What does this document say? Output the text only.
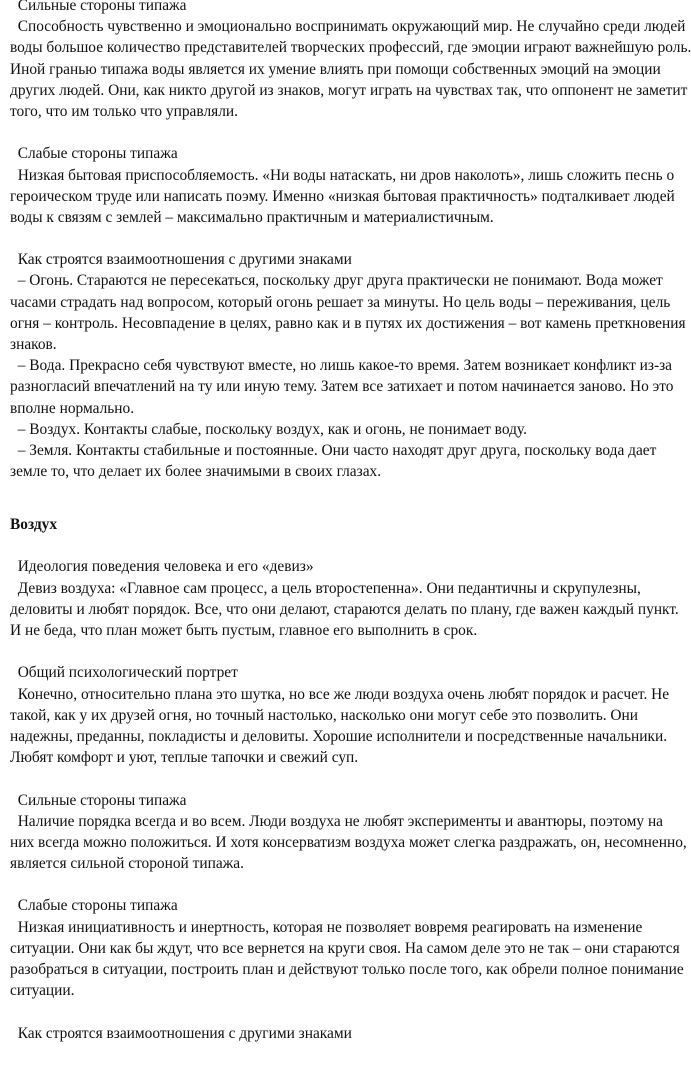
Сильные стороны типажа
Способность чувственно и эмоционально воспринимать окружающий мир. Не случайно среди людей
воды большое количество представителей творческих профессий, где эмоции играют важнейшую роль.
Иной гранью типажа воды является их умение влиять при помощи собственных эмоций на эмоции
других людей. Они, как никто другой из знаков, могут играть на чувствах так, что оппонент не заметит
того, что им только что управляли.
Слабые стороны типажа
Низкая бытовая приспособляемость. «Ни воды натаскать, ни дров наколоть», лишь сложить песнь о
героическом труде или написать поэму. Именно «низкая бытовая практичность» подталкивает людей
воды к связям с землей – максимально практичным и материалистичным.
Как строятся взаимоотношения с другими знаками
– Огонь. Стараются не пересекаться, поскольку друг друга практически не понимают. Вода может
часами страдать над вопросом, который огонь решает за минуты. Но цель воды – переживания, цель
огня – контроль. Несовпадение в целях, равно как и в путях их достижения – вот камень преткновения
знаков.
– Вода. Прекрасно себя чувствуют вместе, но лишь какое-то время. Затем возникает конфликт из-за
разногласий впечатлений на ту или иную тему. Затем все затихает и потом начинается заново. Но это
вполне нормально.
– Воздух. Контакты слабые, поскольку воздух, как и огонь, не понимает воду.
– Земля. Контакты стабильные и постоянные. Они часто находят друг друга, поскольку вода дает
земле то, что делает их более значимыми в своих глазах.
Воздух
Идеология поведения человека и его «девиз»
Девиз воздуха: «Главное сам процесс, а цель второстепенна». Они педантичны и скрупулезны,
деловиты и любят порядок. Все, что они делают, стараются делать по плану, где важен каждый пункт.
И не беда, что план может быть пустым, главное его выполнить в срок.
Общий психологический портрет
Конечно, относительно плана это шутка, но все же люди воздуха очень любят порядок и расчет. Не
такой, как у их друзей огня, но точный настолько, насколько они могут себе это позволить. Они
надежны, преданны, покладисты и деловиты. Хорошие исполнители и посредственные начальники.
Любят комфорт и уют, теплые тапочки и свежий суп.
Сильные стороны типажа
Наличие порядка всегда и во всем. Люди воздуха не любят эксперименты и авантюры, поэтому на
них всегда можно положиться. И хотя консерватизм воздуха может слегка раздражать, он, несомненно,
является сильной стороной типажа.
Слабые стороны типажа
Низкая инициативность и инертность, которая не позволяет вовремя реагировать на изменение
ситуации. Они как бы ждут, что все вернется на круги своя. На самом деле это не так – они стараются
разобраться в ситуации, построить план и действуют только после того, как обрели полное понимание
ситуации.
Как строятся взаимоотношения с другими знаками
